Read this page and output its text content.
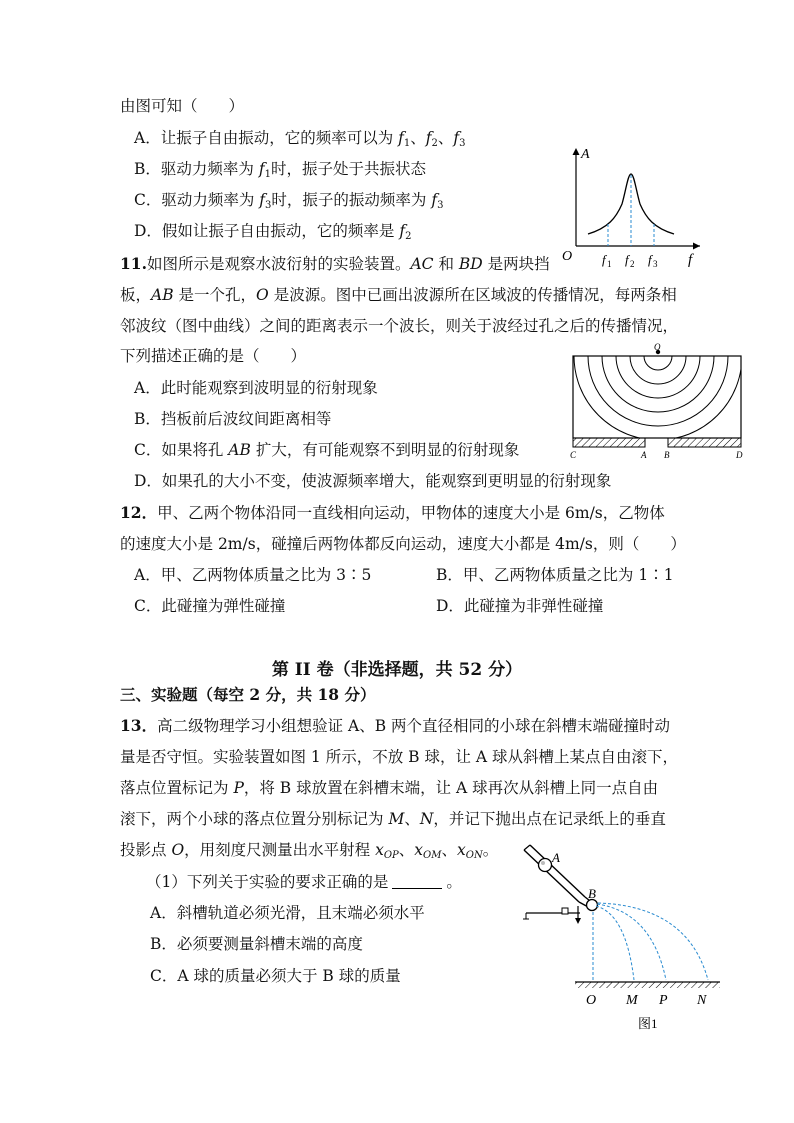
由图可知（　　）
A．让振子自由振动，它的频率可以为 $f_1$、$f_2$、$f_3$
B．驱动力频率为 $f_1$时，振子处于共振状态
C．驱动力频率为 $f_3$时，振子的振动频率为 $f_3$
D．假如让振子自由振动，它的频率是 $f_2$
A
O	f
f 1 f 2 f 3
11.如图所示是观察水波衍射的实验装置。AC 和 BD 是两块挡
板，AB 是一个孔，O 是波源。图中已画出波源所在区域波的传播情况，每两条相
邻波纹（图中曲线）之间的距离表示一个波长，则关于波经过孔之后的传播情况，
下列描述正确的是（　　）
A．此时能观察到波明显的衍射现象
B．挡板前后波纹间距离相等
C．如果将孔 AB 扩大，有可能观察不到明显的衍射现象
D．如果孔的大小不变，使波源频率增大，能观察到更明显的衍射现象
O
C	A B	D
12．甲、乙两个物体沿同一直线相向运动，甲物体的速度大小是 6m/s，乙物体
的速度大小是 2m/s，碰撞后两物体都反向运动，速度大小都是 4m/s，则（　　）
A．甲、乙两物体质量之比为 3∶5	B．甲、乙两物体质量之比为 1∶1
C．此碰撞为弹性碰撞	D．此碰撞为非弹性碰撞
第 II 卷（非选择题，共 52 分）
三、实验题（每空 2 分，共 18 分）
13．高二级物理学习小组想验证 A、B 两个直径相同的小球在斜槽末端碰撞时动
量是否守恒。实验装置如图 1 所示，不放 B 球，让 A 球从斜槽上某点自由滚下，
落点位置标记为 P，将 B 球放置在斜槽末端，让 A 球再次从斜槽上同一点自由
滚下，两个小球的落点位置分别标记为 M、N，并记下抛出点在记录纸上的垂直
投影点 O，用刻度尺测量出水平射程 $x_{OP}$、$x_{OM}$、$x_{ON}$。
（1）下列关于实验的要求正确的是	。
A．斜槽轨道必须光滑，且末端必须水平
B．必须要测量斜槽末端的高度
C．A 球的质量必须大于 B 球的质量
A
B
O M P N
图1
